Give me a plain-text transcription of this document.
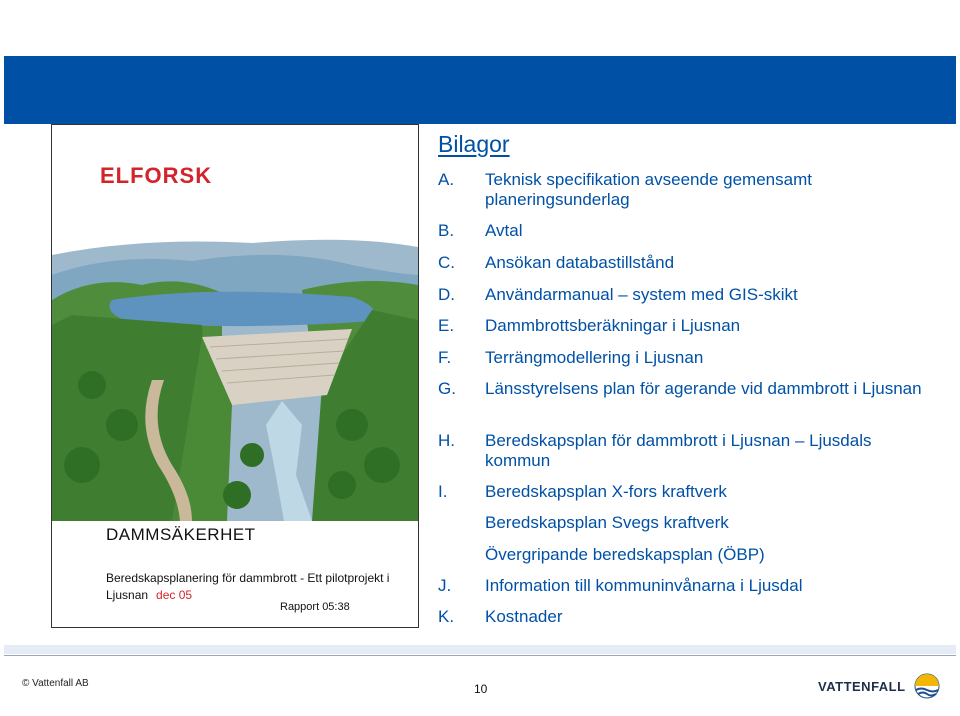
ELFORSK
DAMMSÄKERHET
Beredskapsplanering för dammbrott - Ett pilotprojekt i
Ljusnan dec 05
Rapport 05:38
Bilagor
A. Teknisk specifikation avseende gemensamt planeringsunderlag
B. Avtal
C. Ansökan databastillstånd
D. Användarmanual – system med GIS-skikt
E. Dammbrottsberäkningar i Ljusnan
F. Terrängmodellering i Ljusnan
G. Länsstyrelsens plan för agerande vid dammbrott i Ljusnan
H. Beredskapsplan för dammbrott i Ljusnan – Ljusdals kommun
I. Beredskapsplan X-fors kraftverk
Beredskapsplan Svegs kraftverk
Övergripande beredskapsplan (ÖBP)
J. Information till kommuninvånarna i Ljusdal
K. Kostnader
© Vattenfall AB	10	VATTENFALL
